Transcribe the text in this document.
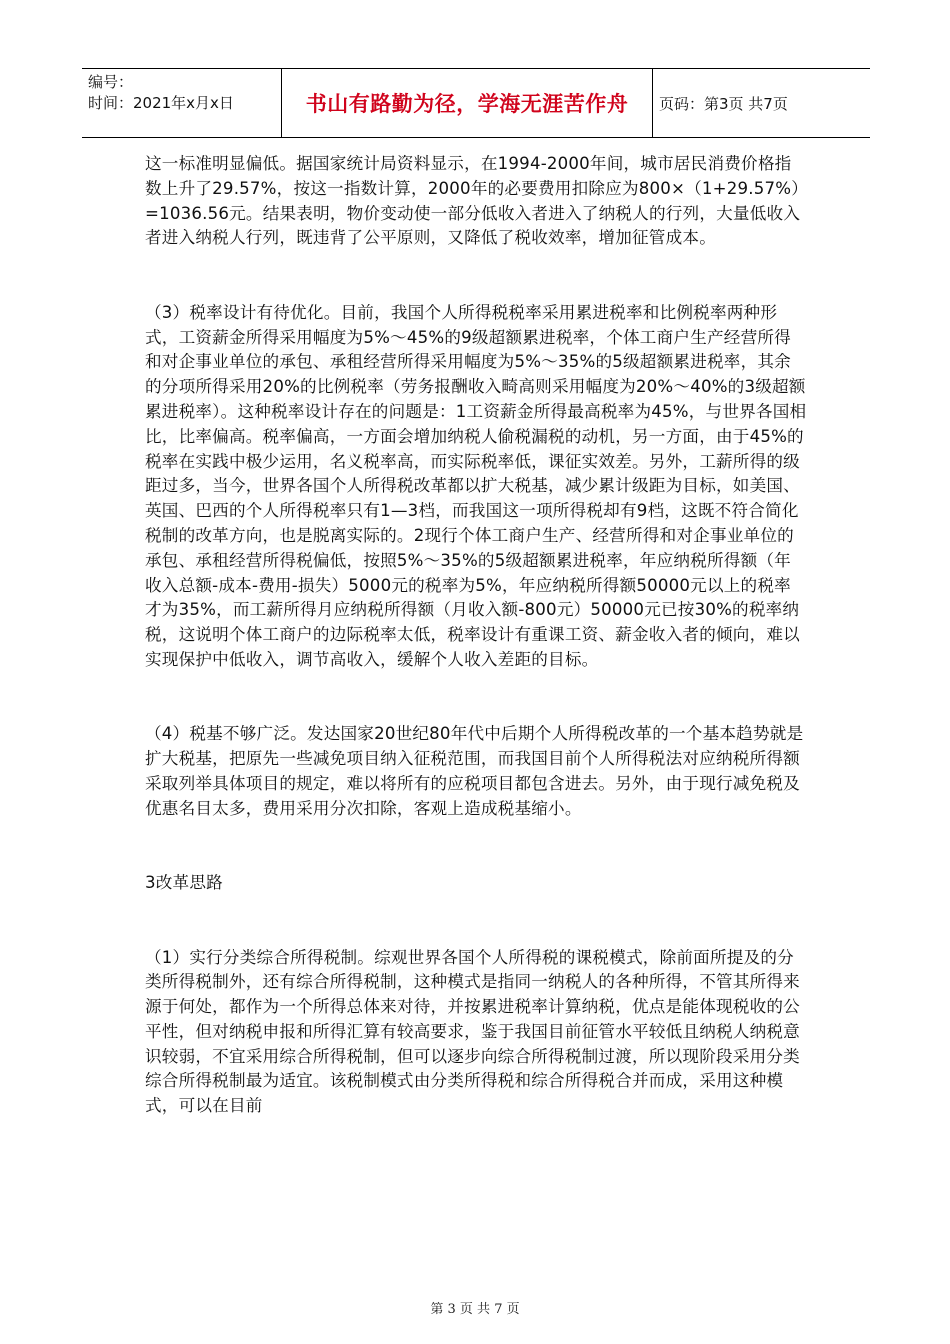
编号：
时间：2021年x月x日	书山有路勤为径，学海无涯苦作舟	页码：第3页 共7页

这一标准明显偏低。据国家统计局资料显示，在1994-2000年间，城市居民消费价格指数上升了29.57%，按这一指数计算，2000年的必要费用扣除应为800×（1+29.57%）=1036.56元。结果表明，物价变动使一部分低收入者进入了纳税人的行列，大量低收入者进入纳税人行列，既违背了公平原则，又降低了税收效率，增加征管成本。

（3）税率设计有待优化。目前，我国个人所得税税率采用累进税率和比例税率两种形式，工资薪金所得采用幅度为5%～45%的9级超额累进税率，个体工商户生产经营所得和对企事业单位的承包、承租经营所得采用幅度为5%～35%的5级超额累进税率，其余的分项所得采用20%的比例税率（劳务报酬收入畸高则采用幅度为20%～40%的3级超额累进税率）。这种税率设计存在的问题是：1工资薪金所得最高税率为45%，与世界各国相比，比率偏高。税率偏高，一方面会增加纳税人偷税漏税的动机，另一方面，由于45%的税率在实践中极少运用，名义税率高，而实际税率低，课征实效差。另外，工薪所得的级距过多，当今，世界各国个人所得税改革都以扩大税基，减少累计级距为目标，如美国、英国、巴西的个人所得税率只有1—3档，而我国这一项所得税却有9档，这既不符合简化税制的改革方向，也是脱离实际的。2现行个体工商户生产、经营所得和对企事业单位的承包、承租经营所得税偏低，按照5%～35%的5级超额累进税率，年应纳税所得额（年收入总额-成本-费用-损失）5000元的税率为5%，年应纳税所得额50000元以上的税率才为35%，而工薪所得月应纳税所得额（月收入额-800元）50000元已按30%的税率纳税，这说明个体工商户的边际税率太低，税率设计有重课工资、薪金收入者的倾向，难以实现保护中低收入，调节高收入，缓解个人收入差距的目标。

（4）税基不够广泛。发达国家20世纪80年代中后期个人所得税改革的一个基本趋势就是扩大税基，把原先一些减免项目纳入征税范围，而我国目前个人所得税法对应纳税所得额采取列举具体项目的规定，难以将所有的应税项目都包含进去。另外，由于现行减免税及优惠名目太多，费用采用分次扣除，客观上造成税基缩小。

3改革思路

（1）实行分类综合所得税制。综观世界各国个人所得税的课税模式，除前面所提及的分类所得税制外，还有综合所得税制，这种模式是指同一纳税人的各种所得，不管其所得来源于何处，都作为一个所得总体来对待，并按累进税率计算纳税，优点是能体现税收的公平性，但对纳税申报和所得汇算有较高要求，鉴于我国目前征管水平较低且纳税人纳税意识较弱，不宜采用综合所得税制，但可以逐步向综合所得税制过渡，所以现阶段采用分类综合所得税制最为适宜。该税制模式由分类所得税和综合所得税合并而成，采用这种模式，可以在目前

第 3 页 共 7 页
